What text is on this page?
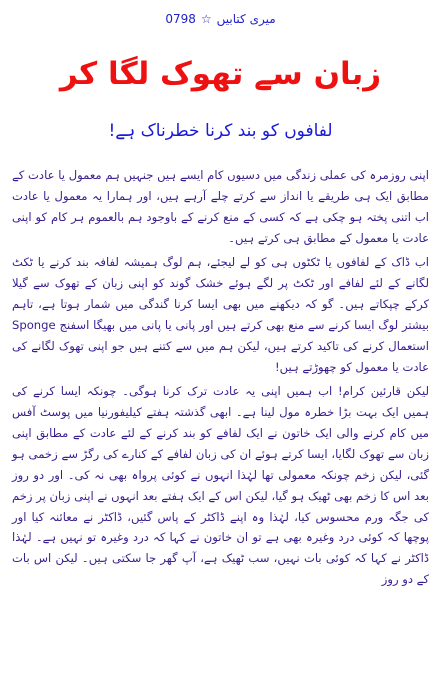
0798 ☆ میری کتابیں
زبان سے تھوک لگا کر
لفافوں کو بند کرنا خطرناک ہے!

اپنی روزمرہ کی عملی زندگی میں دسیوں کام ایسے ہیں جنہیں ہم معمول یا عادت کے مطابق ایک ہی طریقے یا انداز سے کرتے چلے آرہے ہیں، اور ہمارا یہ معمول یا عادت اب اتنی پختہ ہو چکی ہے کہ کسی کے منع کرنے کے باوجود ہم بالعموم ہر کام کو اپنی عادت یا معمول کے مطابق ہی کرتے ہیں۔

اب ڈاک کے لفافوں یا ٹکٹوں ہی کو لے لیجئے، ہم لوگ ہمیشہ لفافہ بند کرنے یا ٹکٹ لگانے کے لئے لفافے اور ٹکٹ پر لگے ہوئے خشک گوند کو اپنی زبان کے تھوک سے گیلا کرکے چپکاتے ہیں۔ گو کہ دیکھنے میں بھی ایسا کرنا گندگی میں شمار ہوتا ہے، تاہم بیشتر لوگ ایسا کرنے سے منع بھی کرتے ہیں اور پانی یا پانی میں بھیگا اسفنج Sponge استعمال کرنے کی تاکید کرتے ہیں، لیکن ہم میں سے کتنے ہیں جو اپنی تھوک لگانے کی عادت یا معمول کو چھوڑتے ہیں!

لیکن قارئین کرام! اب ہمیں اپنی یہ عادت ترک کرنا ہوگی۔ چونکہ ایسا کرنے کی ہمیں ایک بہت بڑا خطرہ مول لینا ہے۔ ابھی گذشتہ ہفتے کیلیفورنیا میں پوسٹ آفس میں کام کرنے والی ایک خاتون نے ایک لفافے کو بند کرنے کے لئے عادت کے مطابق اپنی زبان سے تھوک لگایا، ایسا کرتے ہوئے ان کی زبان لفافے کے کنارے کی رگڑ سے زخمی ہو گئی، لیکن زخم چونکہ معمولی تھا لہٰذا انہوں نے کوئی پرواہ بھی نہ کی۔ اور دو روز بعد اس کا زخم بھی ٹھیک ہو گیا، لیکن اس کے ایک ہفتے بعد انہوں نے اپنی زبان پر زخم کی جگہ ورم محسوس کیا، لہٰذا وہ اپنے ڈاکٹر کے پاس گئیں، ڈاکٹر نے معائنہ کیا اور پوچھا کہ کوئی درد وغیرہ بھی ہے تو ان خاتون نے کہا کہ درد وغیرہ تو نہیں ہے۔ لہٰذا ڈاکٹر نے کہا کہ کوئی بات نہیں، سب ٹھیک ہے، آپ گھر جا سکتی ہیں۔ لیکن اس بات کے دو روز
